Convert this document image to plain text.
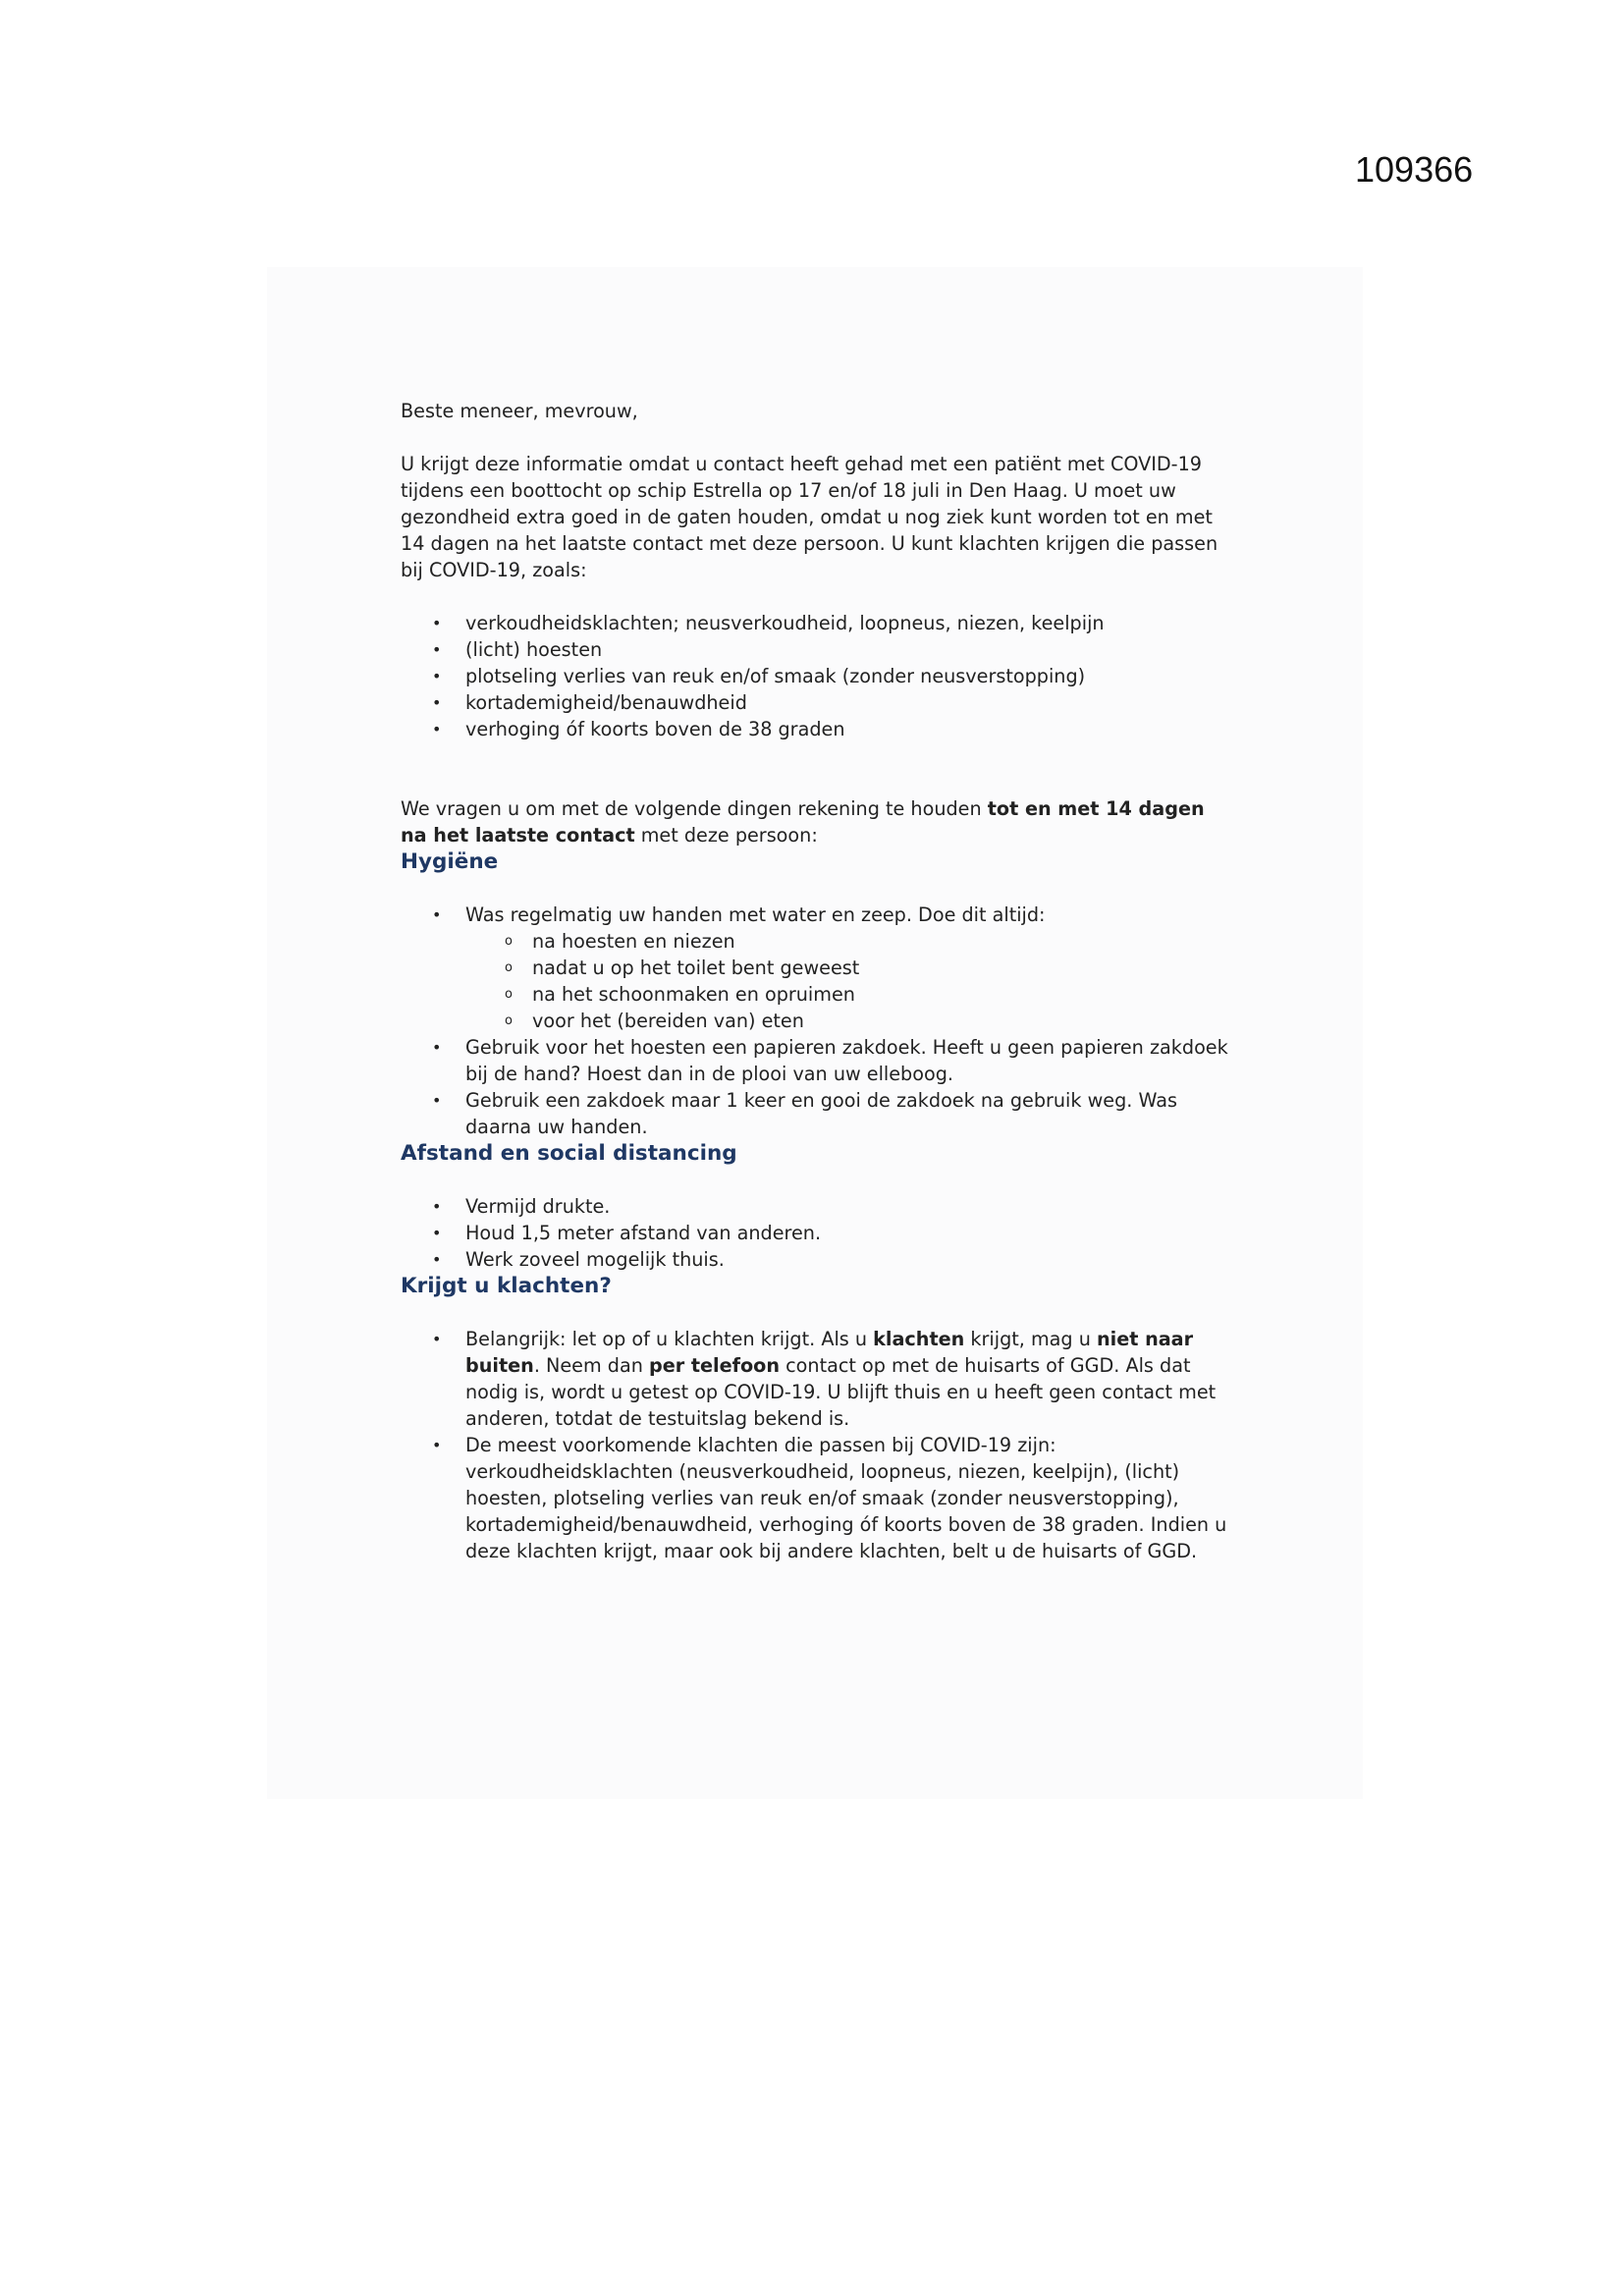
109366

Beste meneer, mevrouw,

U krijgt deze informatie omdat u contact heeft gehad met een patiënt met COVID-19 tijdens een boottocht op schip Estrella op 17 en/of 18 juli in Den Haag. U moet uw gezondheid extra goed in de gaten houden, omdat u nog ziek kunt worden tot en met 14 dagen na het laatste contact met deze persoon. U kunt klachten krijgen die passen bij COVID-19, zoals:

• verkoudheidsklachten; neusverkoudheid, loopneus, niezen, keelpijn
• (licht) hoesten
• plotseling verlies van reuk en/of smaak (zonder neusverstopping)
• kortademigheid/benauwdheid
• verhoging óf koorts boven de 38 graden

We vragen u om met de volgende dingen rekening te houden tot en met 14 dagen na het laatste contact met deze persoon:

Hygiëne
• Was regelmatig uw handen met water en zeep. Doe dit altijd:
o na hoesten en niezen
o nadat u op het toilet bent geweest
o na het schoonmaken en opruimen
o voor het (bereiden van) eten
• Gebruik voor het hoesten een papieren zakdoek. Heeft u geen papieren zakdoek bij de hand? Hoest dan in de plooi van uw elleboog.
• Gebruik een zakdoek maar 1 keer en gooi de zakdoek na gebruik weg. Was daarna uw handen.
Afstand en social distancing
• Vermijd drukte.
• Houd 1,5 meter afstand van anderen.
• Werk zoveel mogelijk thuis.
Krijgt u klachten?
• Belangrijk: let op of u klachten krijgt. Als u klachten krijgt, mag u niet naar buiten. Neem dan per telefoon contact op met de huisarts of GGD. Als dat nodig is, wordt u getest op COVID-19. U blijft thuis en u heeft geen contact met anderen, totdat de testuitslag bekend is.
• De meest voorkomende klachten die passen bij COVID-19 zijn: verkoudheidsklachten (neusverkoudheid, loopneus, niezen, keelpijn), (licht) hoesten, plotseling verlies van reuk en/of smaak (zonder neusverstopping), kortademigheid/benauwdheid, verhoging óf koorts boven de 38 graden. Indien u deze klachten krijgt, maar ook bij andere klachten, belt u de huisarts of GGD.
